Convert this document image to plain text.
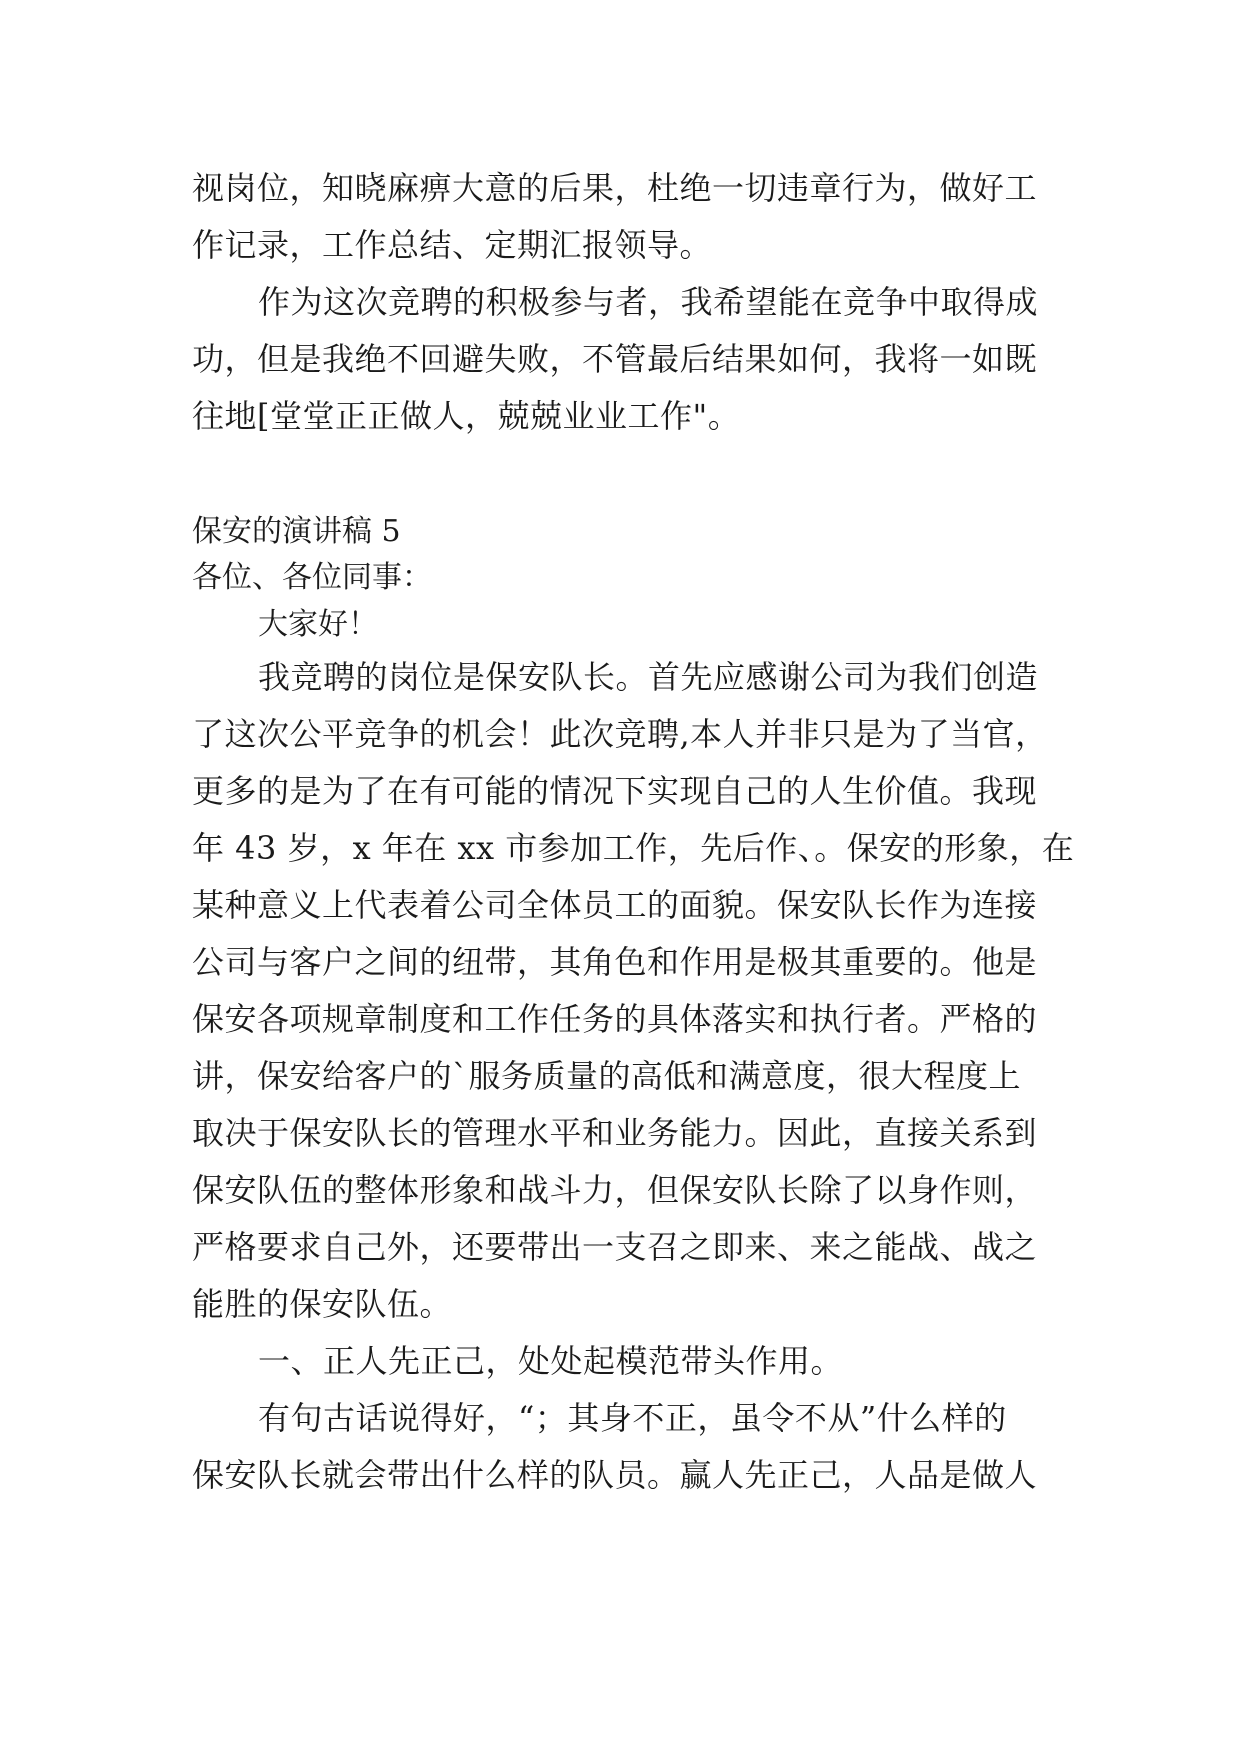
视岗位，知晓麻痹大意的后果，杜绝一切违章行为，做好工
作记录，工作总结、定期汇报领导。
作为这次竞聘的积极参与者，我希望能在竞争中取得成
功，但是我绝不回避失败，不管最后结果如何，我将一如既
往地[堂堂正正做人，兢兢业业工作"。
保安的演讲稿 5
各位、各位同事：
大家好！
我竞聘的岗位是保安队长。首先应感谢公司为我们创造
了这次公平竞争的机会！此次竞聘,本人并非只是为了当官，
更多的是为了在有可能的情况下实现自己的人生价值。我现
年 43 岁，x 年在 xx 市参加工作，先后作、。保安的形象，在
某种意义上代表着公司全体员工的面貌。保安队长作为连接
公司与客户之间的纽带，其角色和作用是极其重要的。他是
保安各项规章制度和工作任务的具体落实和执行者。严格的
讲，保安给客户的`服务质量的高低和满意度，很大程度上
取决于保安队长的管理水平和业务能力。因此，直接关系到
保安队伍的整体形象和战斗力，但保安队长除了以身作则，
严格要求自己外，还要带出一支召之即来、来之能战、战之
能胜的保安队伍。
一、正人先正己，处处起模范带头作用。
有句古话说得好，“；其身不正，虽令不从”什么样的
保安队长就会带出什么样的队员。赢人先正己，人品是做人
